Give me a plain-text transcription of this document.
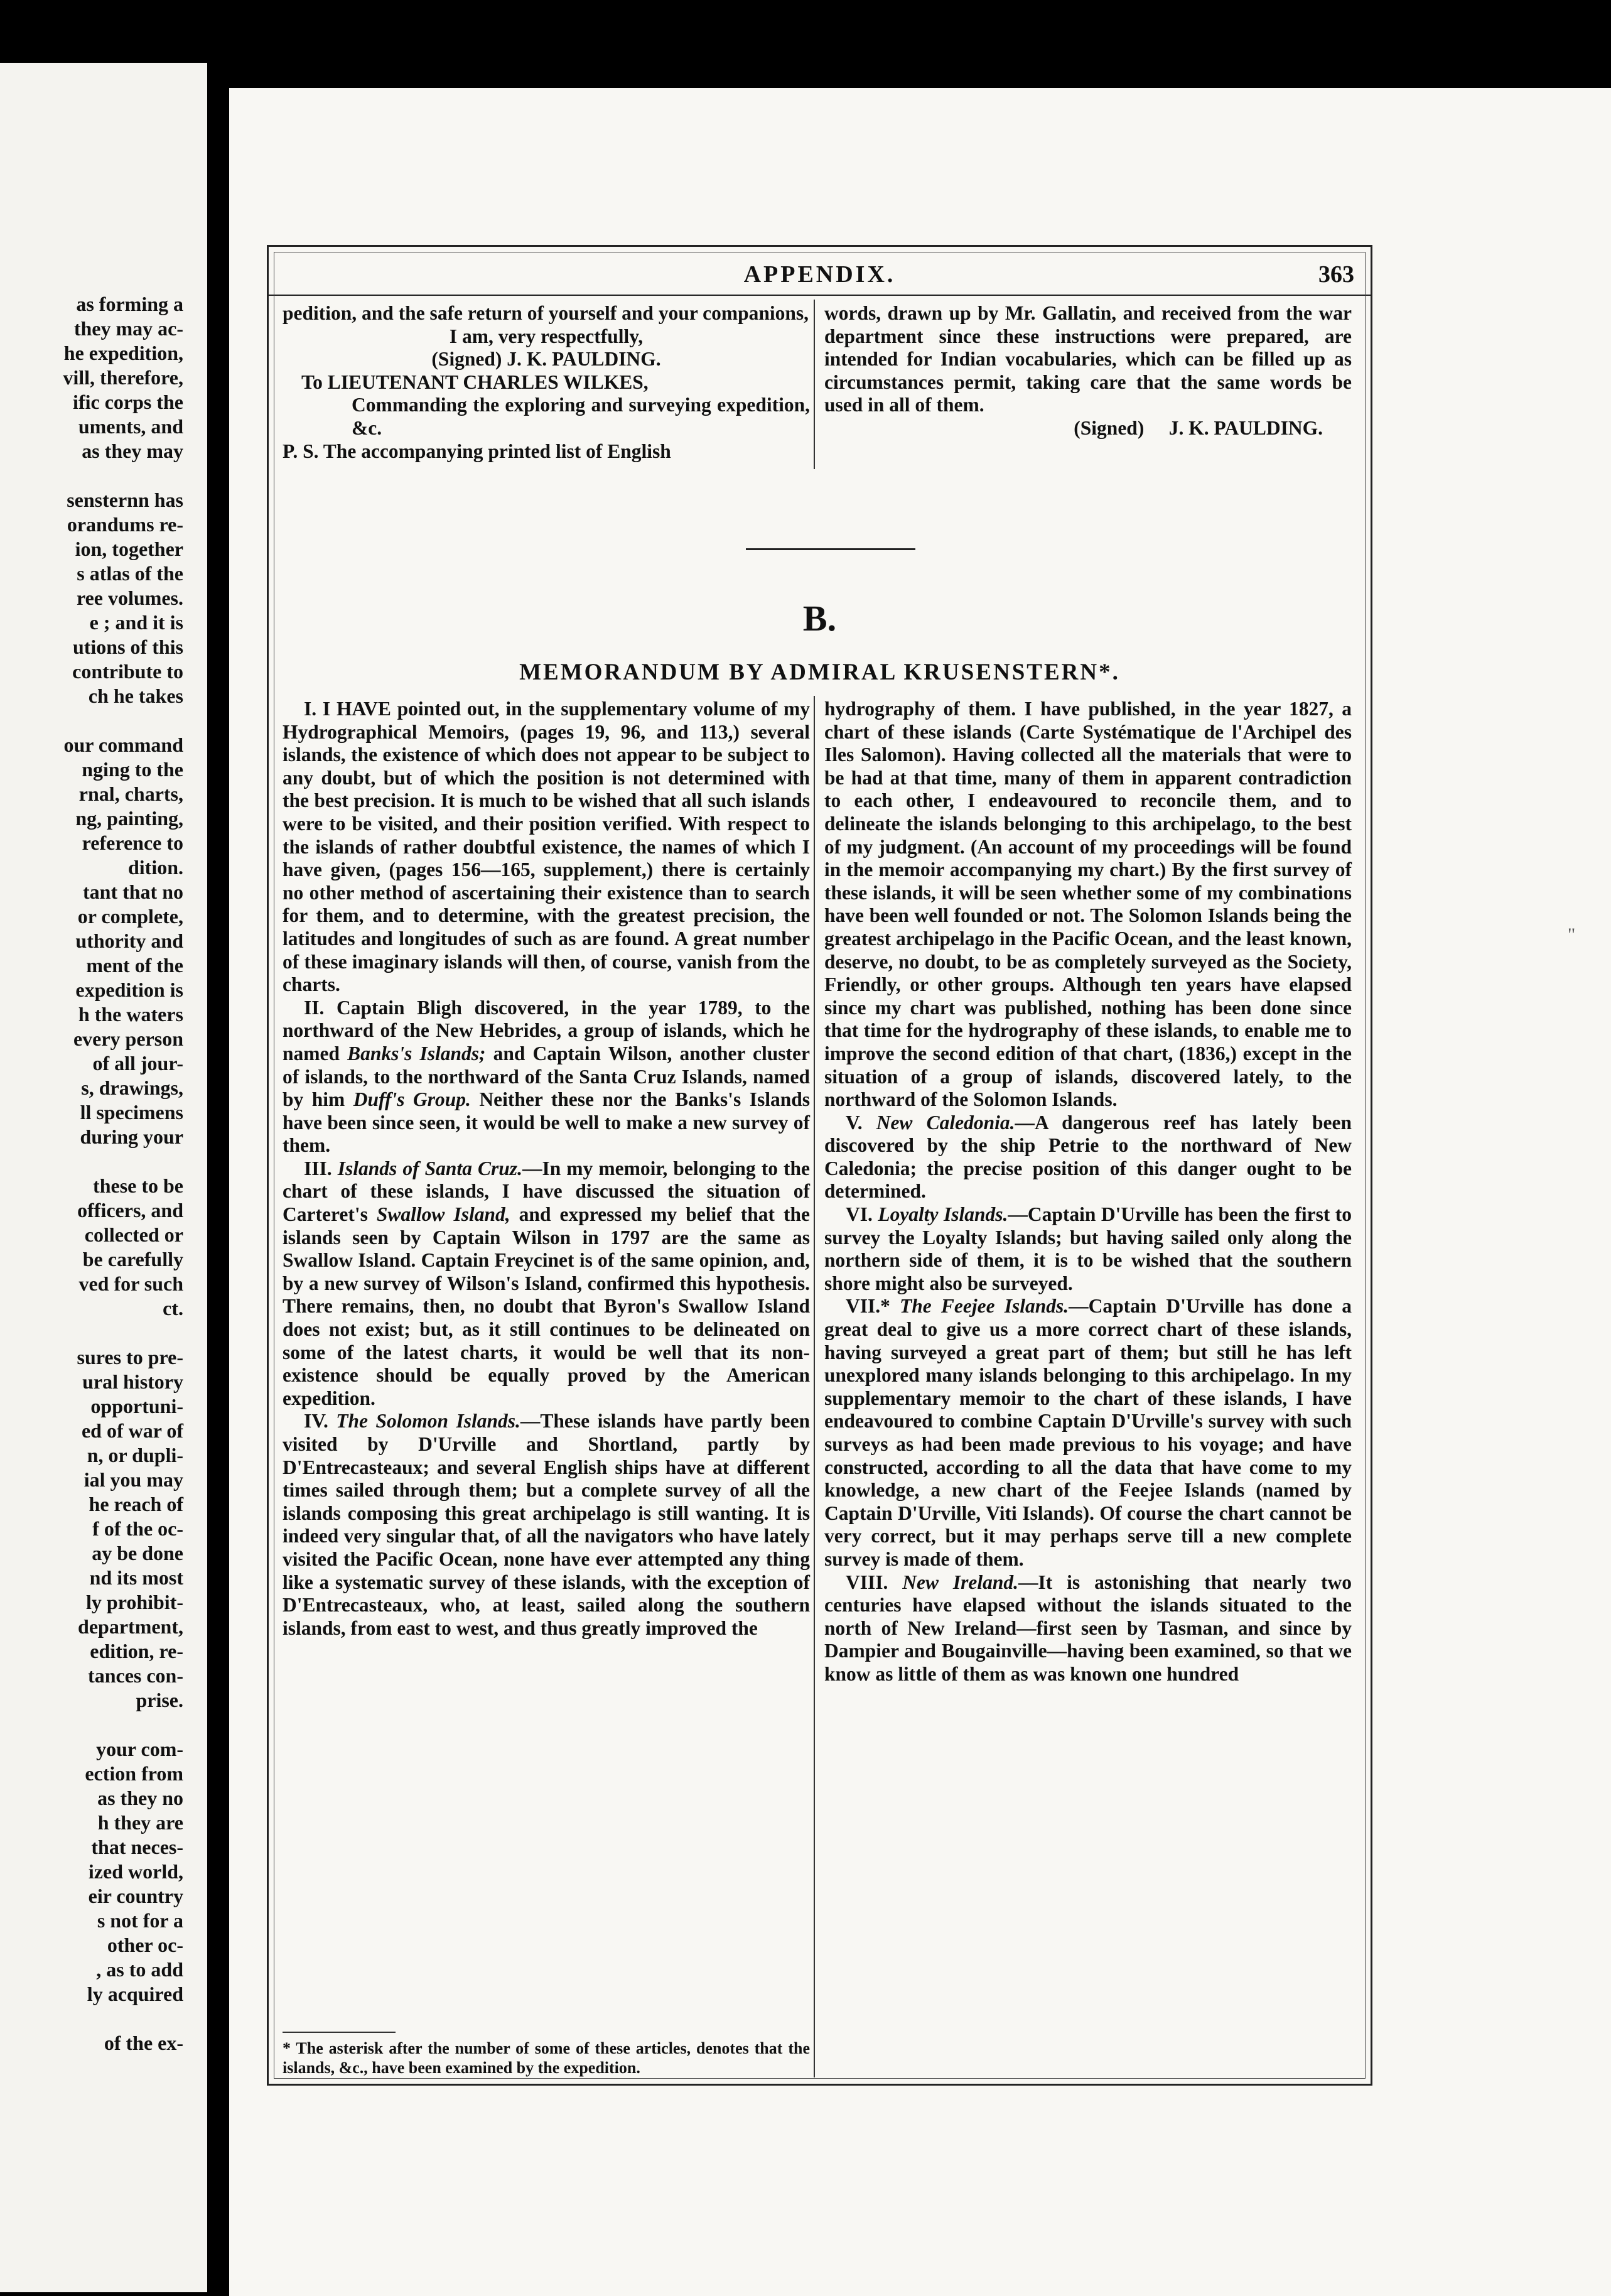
as forming a
they may ac-
he expedition,
vill, therefore,
ific corps the
uments, and
as they may

sensternn has
orandums re-
ion, together
s atlas of the
ree volumes.
e ; and it is
utions of this
contribute to
ch he takes

our command
nging to the
rnal, charts,
ng, painting,
reference to
dition.
tant that no
or complete,
uthority and
ment of the
expedition is
h the waters
every person
of all jour-
s, drawings,
ll specimens
during your

these to be
officers, and
collected or
be carefully
ved for such
ct.

sures to pre-
ural history
opportuni-
ed of war of
n, or dupli-
ial you may
he reach of
f of the oc-
ay be done
nd its most
ly prohibit-
department,
edition, re-
tances con-
prise.

your com-
ection from
as they no
h they are
that neces-
ized world,
eir country
s not for a
other oc-
, as to add
ly acquired

of the ex-
APPENDIX.	363

pedition, and the safe return of yourself and your companions,

I am, very respectfully,

(Signed) J. K. PAULDING.

To LIEUTENANT CHARLES WILKES,

Commanding the exploring and surveying expedition, &c.

P. S. The accompanying printed list of English

words, drawn up by Mr. Gallatin, and received from the war department since these instructions were prepared, are intended for Indian vocabularies, which can be filled up as circumstances permit, taking care that the same words be used in all of them.

(Signed) J. K. PAULDING.

B.
MEMORANDUM BY ADMIRAL KRUSENSTERN*.

I. I HAVE pointed out, in the supplementary volume of my Hydrographical Memoirs, (pages 19, 96, and 113,) several islands, the existence of which does not appear to be subject to any doubt, but of which the position is not determined with the best precision. It is much to be wished that all such islands were to be visited, and their position verified. With respect to the islands of rather doubtful existence, the names of which I have given, (pages 156—165, supplement,) there is certainly no other method of ascertaining their existence than to search for them, and to determine, with the greatest precision, the latitudes and longitudes of such as are found. A great number of these imaginary islands will then, of course, vanish from the charts.

II. Captain Bligh discovered, in the year 1789, to the northward of the New Hebrides, a group of islands, which he named Banks's Islands; and Captain Wilson, another cluster of islands, to the northward of the Santa Cruz Islands, named by him Duff's Group. Neither these nor the Banks's Islands have been since seen, it would be well to make a new survey of them.

III. Islands of Santa Cruz.—In my memoir, belonging to the chart of these islands, I have discussed the situation of Carteret's Swallow Island, and expressed my belief that the islands seen by Captain Wilson in 1797 are the same as Swallow Island. Captain Freycinet is of the same opinion, and, by a new survey of Wilson's Island, confirmed this hypothesis. There remains, then, no doubt that Byron's Swallow Island does not exist; but, as it still continues to be delineated on some of the latest charts, it would be well that its non-existence should be equally proved by the American expedition.

IV. The Solomon Islands.—These islands have partly been visited by D'Urville and Shortland, partly by D'Entrecasteaux; and several English ships have at different times sailed through them; but a complete survey of all the islands composing this great archipelago is still wanting. It is indeed very singular that, of all the navigators who have lately visited the Pacific Ocean, none have ever attempted any thing like a systematic survey of these islands, with the exception of D'Entrecasteaux, who, at least, sailed along the southern islands, from east to west, and thus greatly improved the

* The asterisk after the number of some of these articles, denotes that the islands, &c., have been examined by the expedition.

hydrography of them. I have published, in the year 1827, a chart of these islands (Carte Systématique de l'Archipel des Iles Salomon). Having collected all the materials that were to be had at that time, many of them in apparent contradiction to each other, I endeavoured to reconcile them, and to delineate the islands belonging to this archipelago, to the best of my judgment. (An account of my proceedings will be found in the memoir accompanying my chart.) By the first survey of these islands, it will be seen whether some of my combinations have been well founded or not. The Solomon Islands being the greatest archipelago in the Pacific Ocean, and the least known, deserve, no doubt, to be as completely surveyed as the Society, Friendly, or other groups. Although ten years have elapsed since my chart was published, nothing has been done since that time for the hydrography of these islands, to enable me to improve the second edition of that chart, (1836,) except in the situation of a group of islands, discovered lately, to the northward of the Solomon Islands.

V. New Caledonia.—A dangerous reef has lately been discovered by the ship Petrie to the northward of New Caledonia; the precise position of this danger ought to be determined.

VI. Loyalty Islands.—Captain D'Urville has been the first to survey the Loyalty Islands; but having sailed only along the northern side of them, it is to be wished that the southern shore might also be surveyed.

VII.* The Feejee Islands.—Captain D'Urville has done a great deal to give us a more correct chart of these islands, having surveyed a great part of them; but still he has left unexplored many islands belonging to this archipelago. In my supplementary memoir to the chart of these islands, I have endeavoured to combine Captain D'Urville's survey with such surveys as had been made previous to his voyage; and have constructed, according to all the data that have come to my knowledge, a new chart of the Feejee Islands (named by Captain D'Urville, Viti Islands). Of course the chart cannot be very correct, but it may perhaps serve till a new complete survey is made of them.

VIII. New Ireland.—It is astonishing that nearly two centuries have elapsed without the islands situated to the north of New Ireland—first seen by Tasman, and since by Dampier and Bougainville—having been examined, so that we know as little of them as was known one hundred

"
